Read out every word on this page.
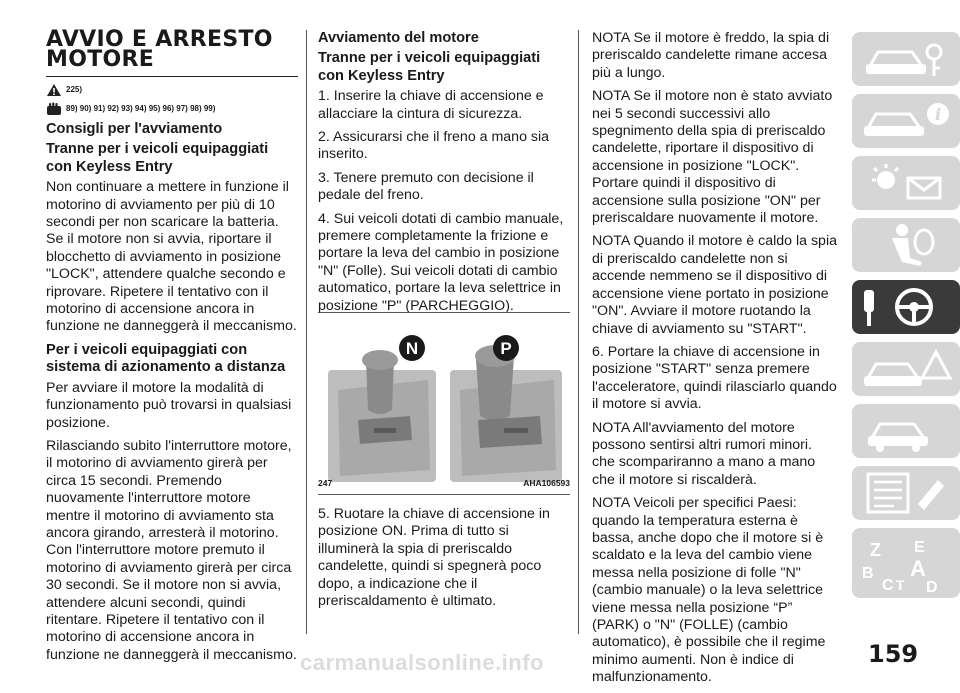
AVVIO E ARRESTO MOTORE
225)
89) 90) 91) 92) 93) 94) 95) 96) 97) 98) 99)
Consigli per l'avviamento
Tranne per i veicoli equipaggiati con Keyless Entry

Non continuare a mettere in funzione il motorino di avviamento per più di 10 secondi per non scaricare la batteria. Se il motore non si avvia, riportare il blocchetto di avviamento in posizione "LOCK", attendere qualche secondo e riprovare. Ripetere il tentativo con il motorino di accensione ancora in funzione ne danneggerà il meccanismo.

Per i veicoli equipaggiati con sistema di azionamento a distanza

Per avviare il motore la modalità di funzionamento può trovarsi in qualsiasi posizione.

Rilasciando subito l'interruttore motore, il motorino di avviamento girerà per circa 15 secondi. Premendo nuovamente l'interruttore motore mentre il motorino di avviamento sta ancora girando, arresterà il motorino. Con l'interruttore motore premuto il motorino di avviamento girerà per circa 30 secondi. Se il motore non si avvia, attendere alcuni secondi, quindi ritentare. Ripetere il tentativo con il motorino di accensione ancora in funzione ne danneggerà il meccanismo.

Avviamento del motore
Tranne per i veicoli equipaggiati con Keyless Entry

1. Inserire la chiave di accensione e allacciare la cintura di sicurezza.

2. Assicurarsi che il freno a mano sia inserito.

3. Tenere premuto con decisione il pedale del freno.

4. Sui veicoli dotati di cambio manuale, premere completamente la frizione e portare la leva del cambio in posizione "N" (Folle). Sui veicoli dotati di cambio automatico, portare la leva selettrice in posizione "P" (PARCHEGGIO).

N	P
247	AHA106593

5. Ruotare la chiave di accensione in posizione ON. Prima di tutto si illuminerà la spia di preriscaldo candelette, quindi si spegnerà poco dopo, a indicazione che il preriscaldamento è ultimato.

NOTA Se il motore è freddo, la spia di preriscaldo candelette rimane accesa più a lungo.

NOTA Se il motore non è stato avviato nei 5 secondi successivi allo spegnimento della spia di preriscaldo candelette, riportare il dispositivo di accensione in posizione "LOCK". Portare quindi il dispositivo di accensione sulla posizione "ON" per preriscaldare nuovamente il motore.

NOTA Quando il motore è caldo la spia di preriscaldo candelette non si accende nemmeno se il dispositivo di accensione viene portato in posizione "ON". Avviare il motore ruotando la chiave di avviamento su "START".

6. Portare la chiave di accensione in posizione "START" senza premere l'acceleratore, quindi rilasciarlo quando il motore si avvia.

NOTA All'avviamento del motore possono sentirsi altri rumori minori. che scompariranno a mano a mano che il motore si riscalderà.

NOTA Veicoli per specifici Paesi: quando la temperatura esterna è bassa, anche dopo che il motore si è scaldato e la leva del cambio viene messa nella posizione di folle "N" (cambio manuale) o la leva selettrice viene messa nella posizione “P” (PARK) o "N" (FOLLE) (cambio automatico), è possibile che il regime minimo aumenti. Non è indice di malfunzionamento.

i
Z E
B A
C T D
159
carmanualsonline.info
